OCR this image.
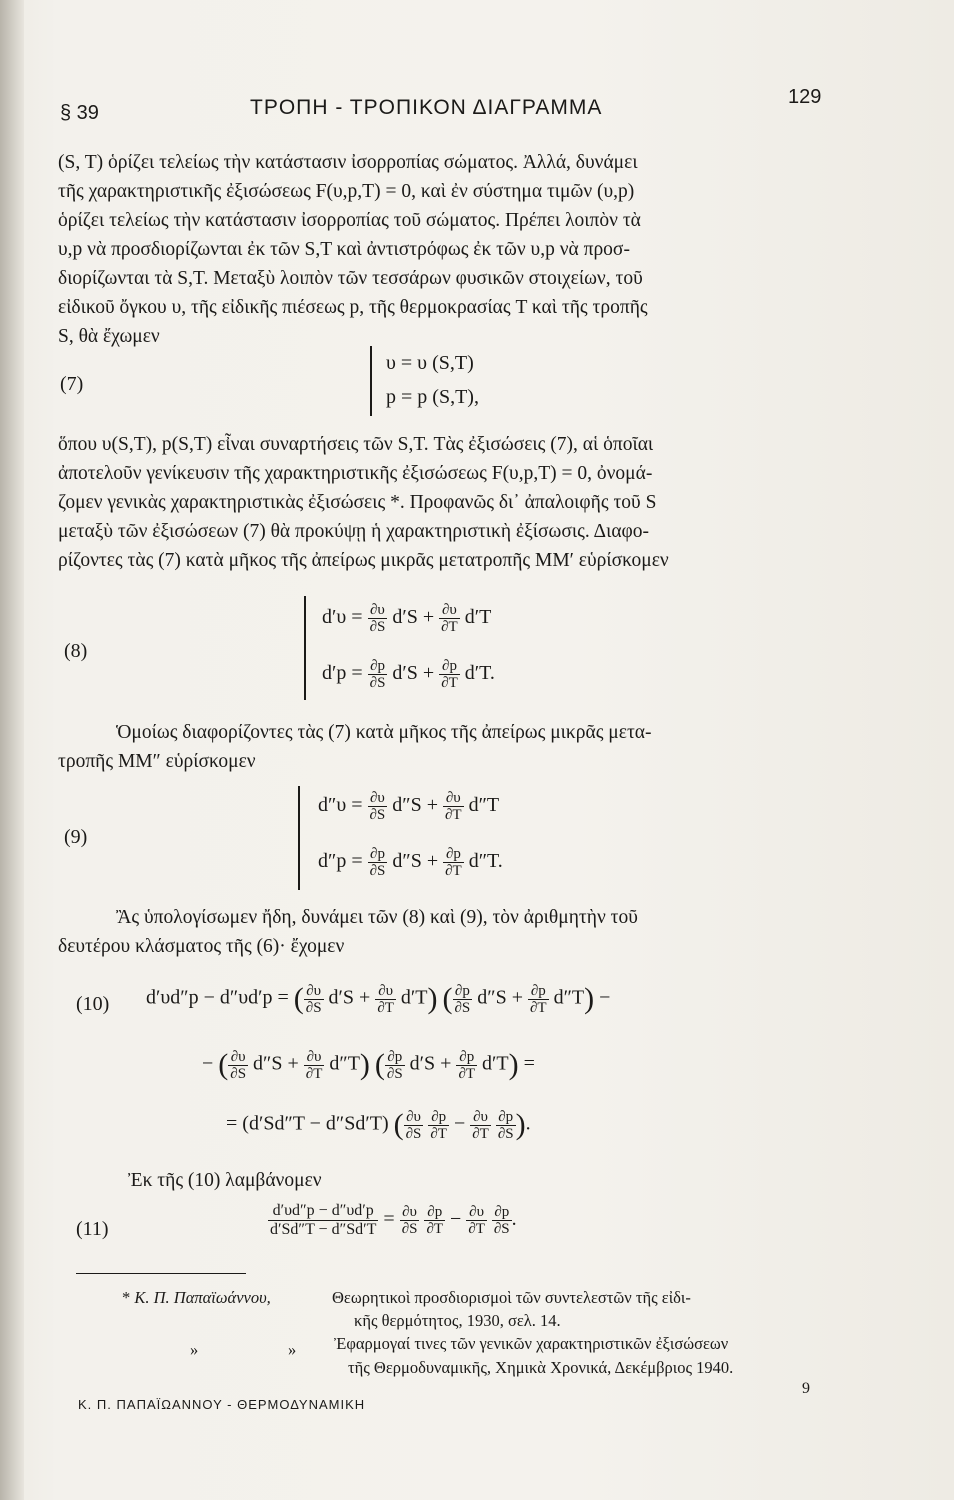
§ 39	ΤΡΟΠΗ - ΤΡΟΠΙΚΟΝ ΔΙΑΓΡΑΜΜΑ	129

(S, T) ὁρίζει τελείως τὴν κατάστασιν ἰσορροπίας σώματος. Ἀλλά, δυνάμει

τῆς χαρακτηριστικῆς ἐξισώσεως F(υ,p,T) = 0, καὶ ἐν σύστημα τιμῶν (υ,p)

ὁρίζει τελείως τὴν κατάστασιν ἰσορροπίας τοῦ σώματος. Πρέπει λοιπὸν τὰ

υ,p νὰ προσδιορίζωνται ἐκ τῶν S,T καὶ ἀντιστρόφως ἐκ τῶν υ,p νὰ προσ-

διορίζωνται τὰ S,T. Μεταξὺ λοιπὸν τῶν τεσσάρων φυσικῶν στοιχείων, τοῦ

εἰδικοῦ ὄγκου υ, τῆς εἰδικῆς πιέσεως p, τῆς θερμοκρασίας T καὶ τῆς τροπῆς

S, θὰ ἔχωμεν

(7)
υ = υ (S,T)
p = p (S,T),

ὅπου υ(S,T), p(S,T) εἶναι συναρτήσεις τῶν S,T. Τὰς ἐξισώσεις (7), αἱ ὁποῖαι

ἀποτελοῦν γενίκευσιν τῆς χαρακτηριστικῆς ἐξισώσεως F(υ,p,T) = 0, ὀνομά-

ζομεν γενικὰς χαρακτηριστικὰς ἐξισώσεις *. Προφανῶς δι᾿ ἀπαλοιφῆς τοῦ S

μεταξὺ τῶν ἐξισώσεων (7) θὰ προκύψῃ ἡ χαρακτηριστικὴ ἐξίσωσις. Διαφο-

ρίζοντες τὰς (7) κατὰ μῆκος τῆς ἀπείρως μικρᾶς μετατροπῆς MM′ εὑρίσκομεν

(8)
$d'\upsilon = \frac{\partial\upsilon}{\partial S} d'S + \frac{\partial\upsilon}{\partial T} d'T$
$d'p = \frac{\partial p}{\partial S} d'S + \frac{\partial p}{\partial T} d'T$.

Ὁμοίως διαφορίζοντες τὰς (7) κατὰ μῆκος τῆς ἀπείρως μικρᾶς μετα-

τροπῆς MM″ εὑρίσκομεν

(9)
$d''\upsilon = \frac{\partial\upsilon}{\partial S} d''S + \frac{\partial\upsilon}{\partial T} d''T$
$d''p = \frac{\partial p}{\partial S} d''S + \frac{\partial p}{\partial T} d''T$.

Ἂς ὑπολογίσωμεν ἤδη, δυνάμει τῶν (8) καὶ (9), τὸν ἀριθμητὴν τοῦ

δευτέρου κλάσματος τῆς (6)· ἔχομεν

(10) d′υd″p − d″υd′p = ( $\frac{\partial\upsilon}{\partial S} d'S + \frac{\partial\upsilon}{\partial T} d'T$) ( $\frac{\partial p}{\partial S} d''S + \frac{\partial p}{\partial T} d''T$) −
− ( $\frac{\partial\upsilon}{\partial S} d''S + \frac{\partial\upsilon}{\partial T} d''T$) ( $\frac{\partial p}{\partial S} d'S + \frac{\partial p}{\partial T} d'T$) =
= (d′Sd″T − d″Sd′T) ( $\frac{\partial\upsilon}{\partial S}$
$\frac{\partial p}{\partial T} - \frac{\partial\upsilon}{\partial T}$
$\frac{\partial p}{\partial S}$ ).

Ἐκ τῆς (10) λαμβάνομεν

(11)	$\frac{d'\upsilon d''p - d''\upsilon d'p}{d'Sd''T - d''Sd'T} = \frac{\partial\upsilon}{\partial S}$
$\frac{\partial p}{\partial T} - \frac{\partial\upsilon}{\partial T}$
$\frac{\partial p}{\partial S}$ .
* Κ. Π. Παπαϊωάννου,	Θεωρητικοὶ προσδιορισμοὶ τῶν συντελεστῶν τῆς εἰδι-
κῆς θερμότητος, 1930, σελ. 14.
»	» Ἐφαρμογαί τινες τῶν γενικῶν χαρακτηριστικῶν ἐξισώσεων
τῆς Θερμοδυναμικῆς, Χημικὰ Χρονικά, Δεκέμβριος 1940.
Κ. Π. ΠΑΠΑΪΩΑΝΝΟΥ - ΘΕΡΜΟΔΥΝΑΜΙΚΗ
9
